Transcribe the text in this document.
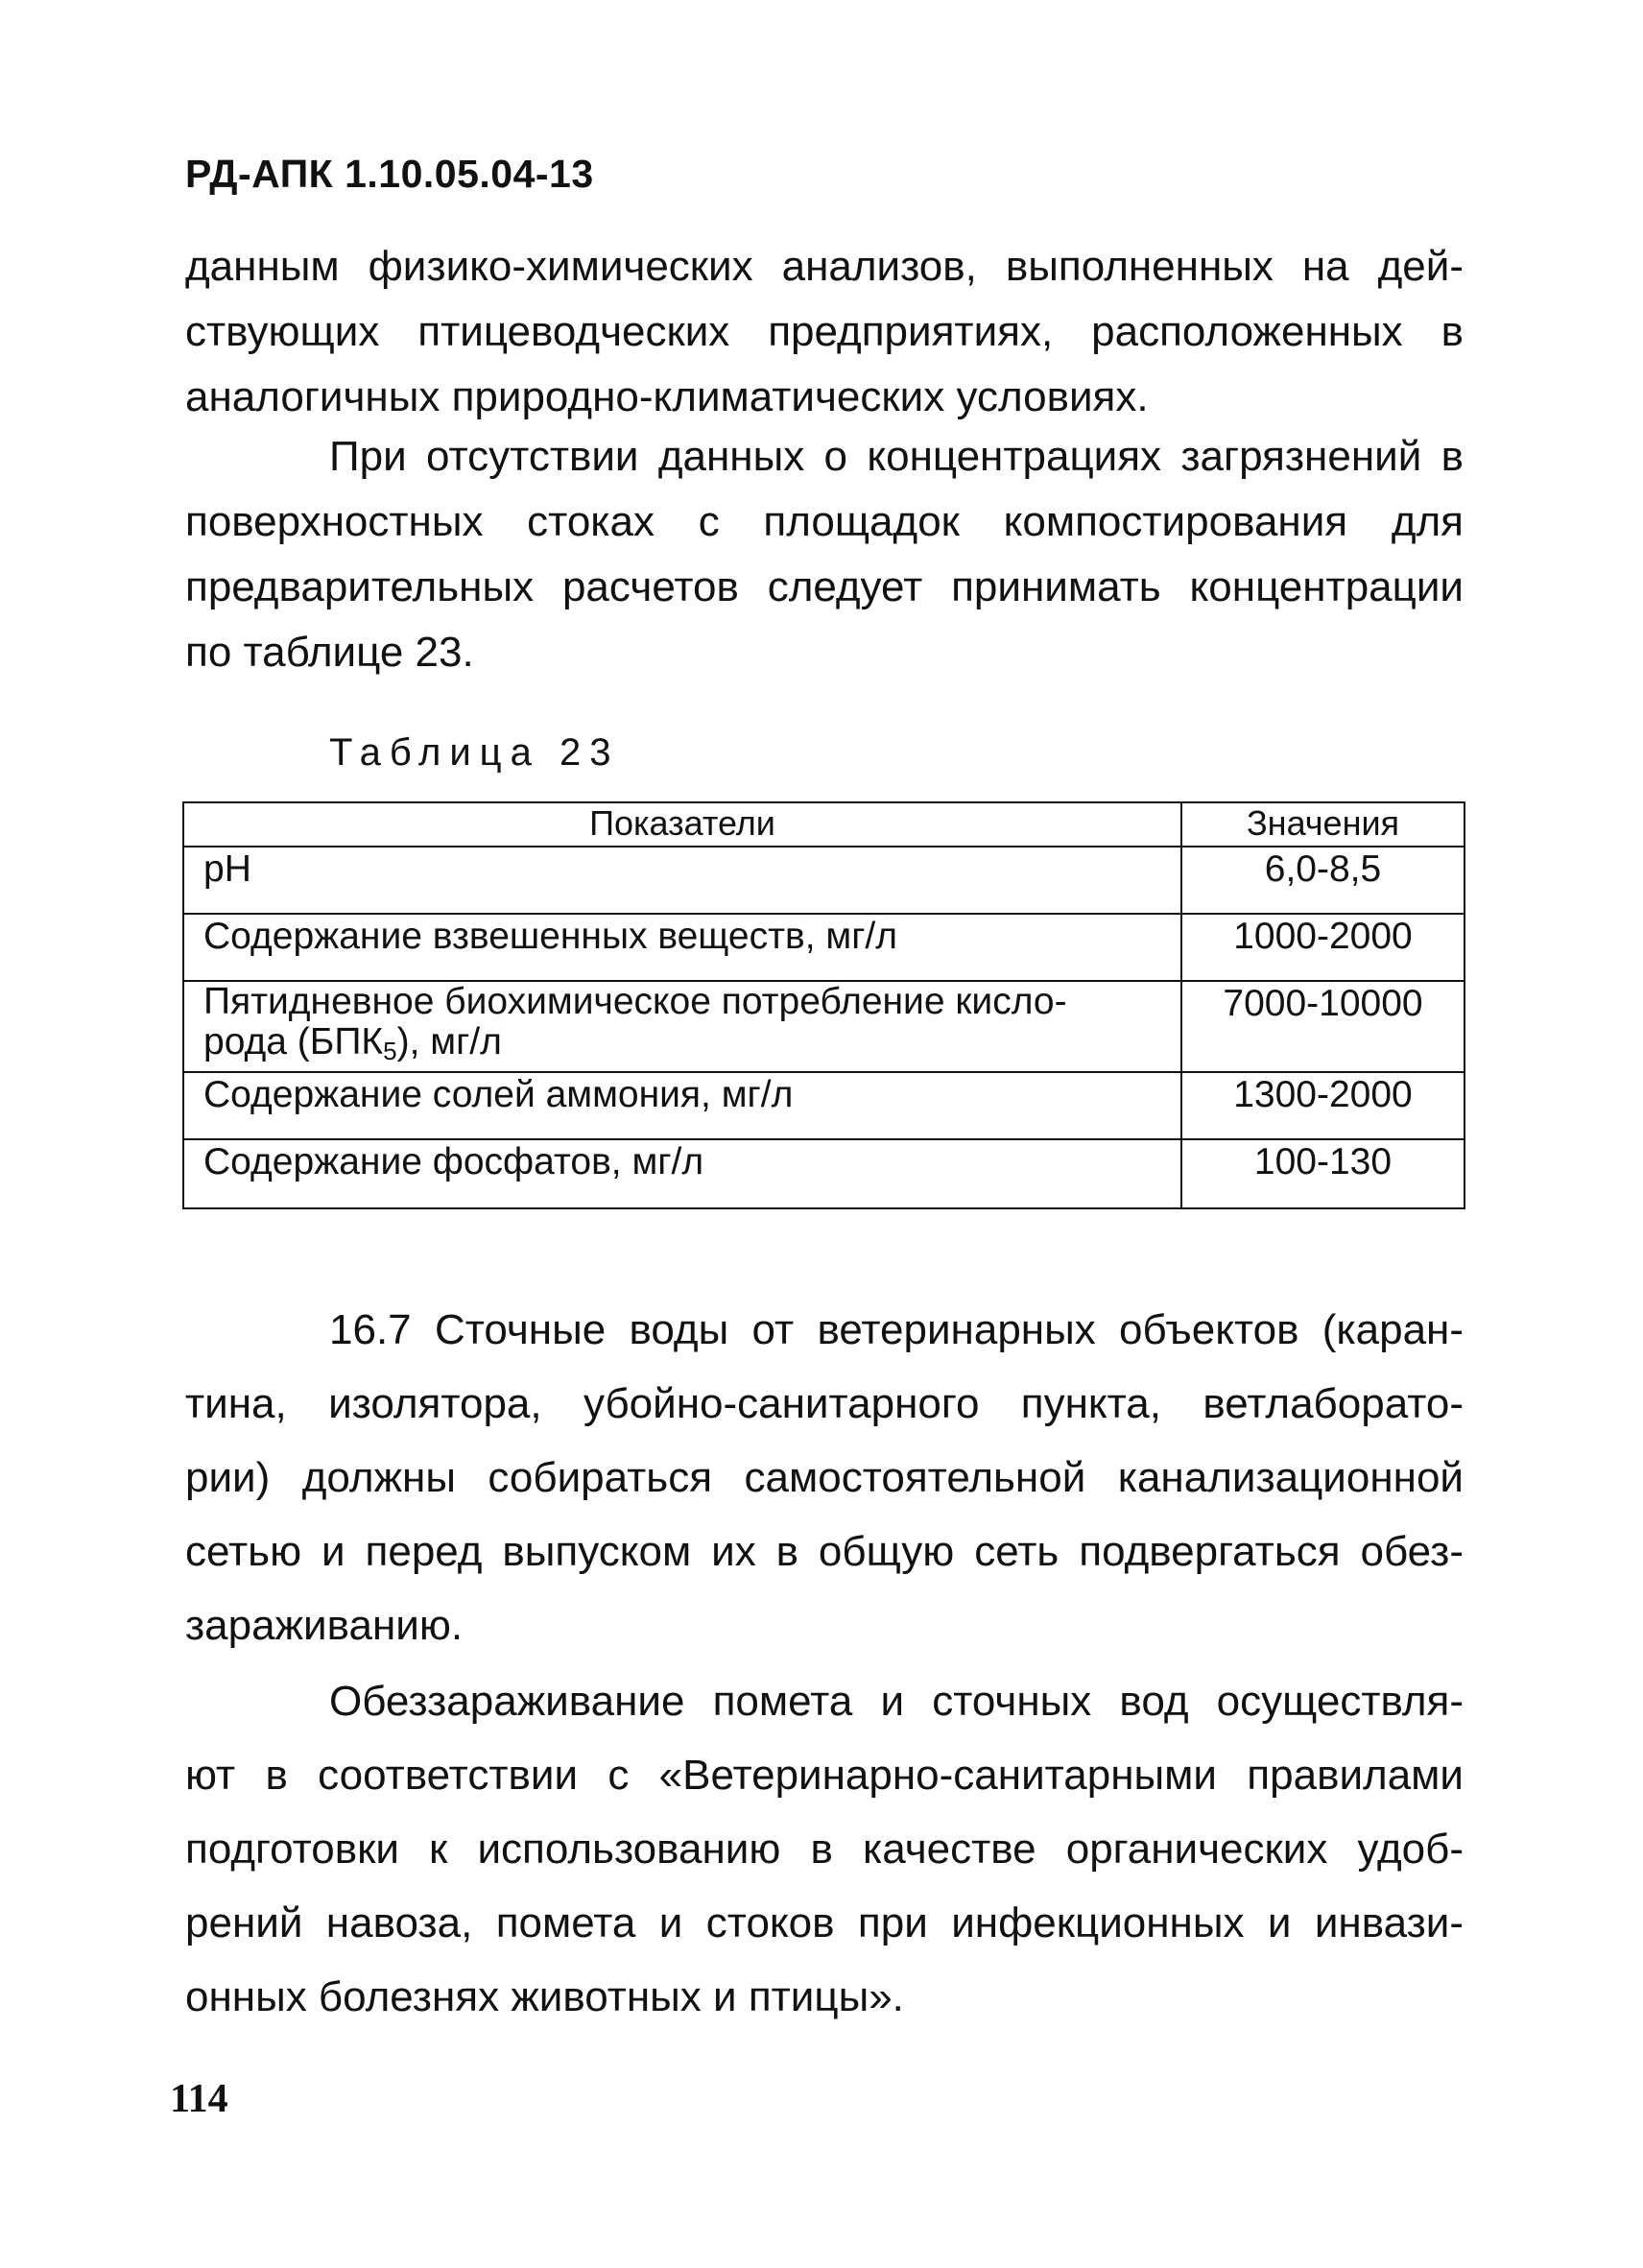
РД-АПК 1.10.05.04-13
данным физико-химических анализов, выполненных на дей-
ствующих птицеводческих предприятиях, расположенных в
аналогичных природно-климатических условиях.
При отсутствии данных о концентрациях загрязнений в
поверхностных стоках с площадок компостирования для
предварительных расчетов следует принимать концентрации
по таблице 23.

Таблица 23

Показатели	Значения
pH	6,0-8,5
Содержание взвешенных веществ, мг/л	1000-2000
Пятидневное биохимическое потребление кисло-
рода $(БПК_5)$, мг/л	7000-10000
Содержание солей аммония, мг/л	1300-2000
Содержание фосфатов, мг/л	100-130
16.7 Сточные воды от ветеринарных объектов (каран-
тина, изолятора, убойно-санитарного пункта, ветлаборато-
рии) должны собираться самостоятельной канализационной
сетью и перед выпуском их в общую сеть подвергаться обез-
зараживанию.
Обеззараживание помета и сточных вод осуществля-
ют в соответствии с «Ветеринарно-санитарными правилами
подготовки к использованию в качестве органических удоб-
рений навоза, помета и стоков при инфекционных и инвази-
онных болезнях животных и птицы».

114
